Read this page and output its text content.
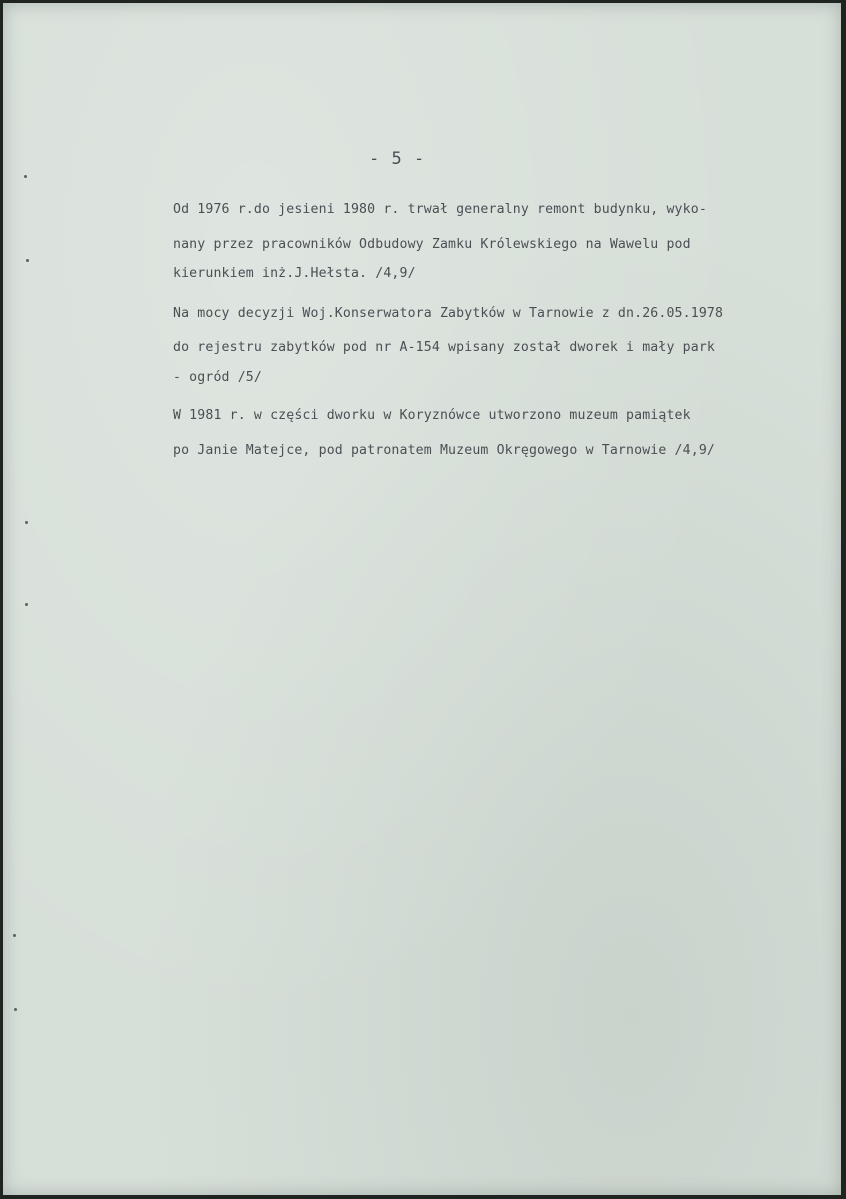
- 5 -
Od 1976 r.do jesieni 1980 r. trwał generalny remont budynku, wyko-
nany przez pracowników Odbudowy Zamku Królewskiego na Wawelu pod
kierunkiem inż.J.Hełsta. /4,9/
Na mocy decyzji Woj.Konserwatora Zabytków w Tarnowie z dn.26.05.1978
do rejestru zabytków pod nr A-154 wpisany został dworek i mały park
- ogród /5/
W 1981 r. w części dworku w Koryznówce utworzono muzeum pamiątek
po Janie Matejce, pod patronatem Muzeum Okręgowego w Tarnowie /4,9/
